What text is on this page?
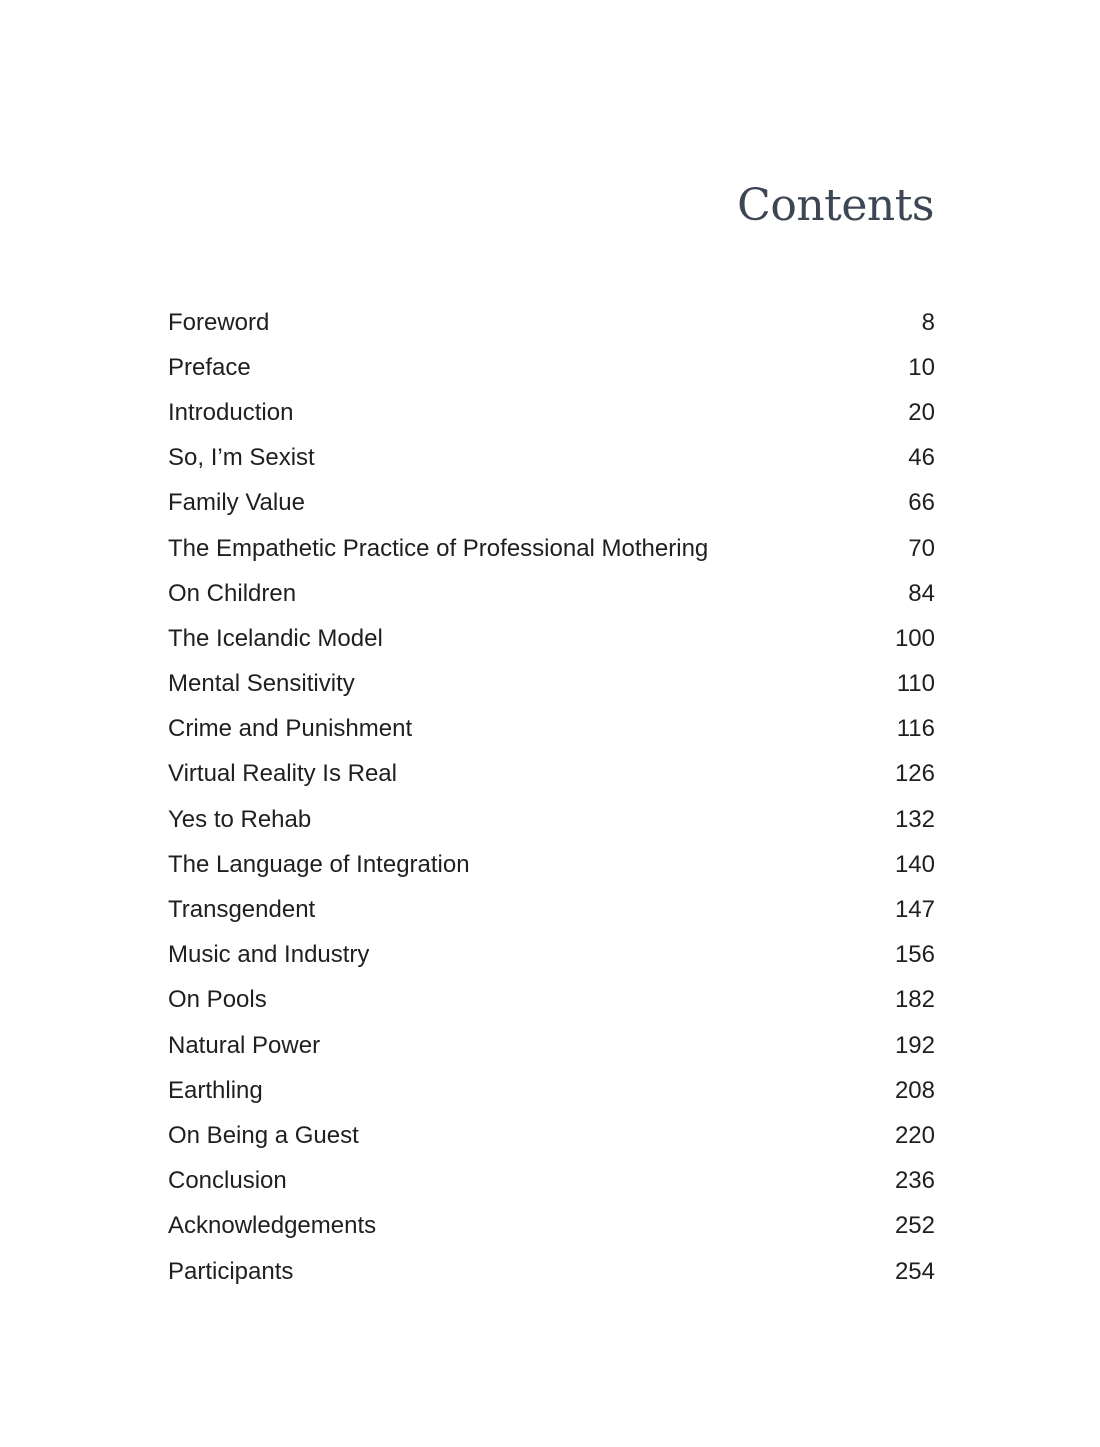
Contents
Foreword	8
Preface	10
Introduction	20
So, I’m Sexist	46
Family Value	66
The Empathetic Practice of Professional Mothering	70
On Children	84
The Icelandic Model	100
Mental Sensitivity	110
Crime and Punishment	116
Virtual Reality Is Real	126
Yes to Rehab	132
The Language of Integration	140
Transgendent	147
Music and Industry	156
On Pools	182
Natural Power	192
Earthling	208
On Being a Guest	220
Conclusion	236
Acknowledgements	252
Participants	254
